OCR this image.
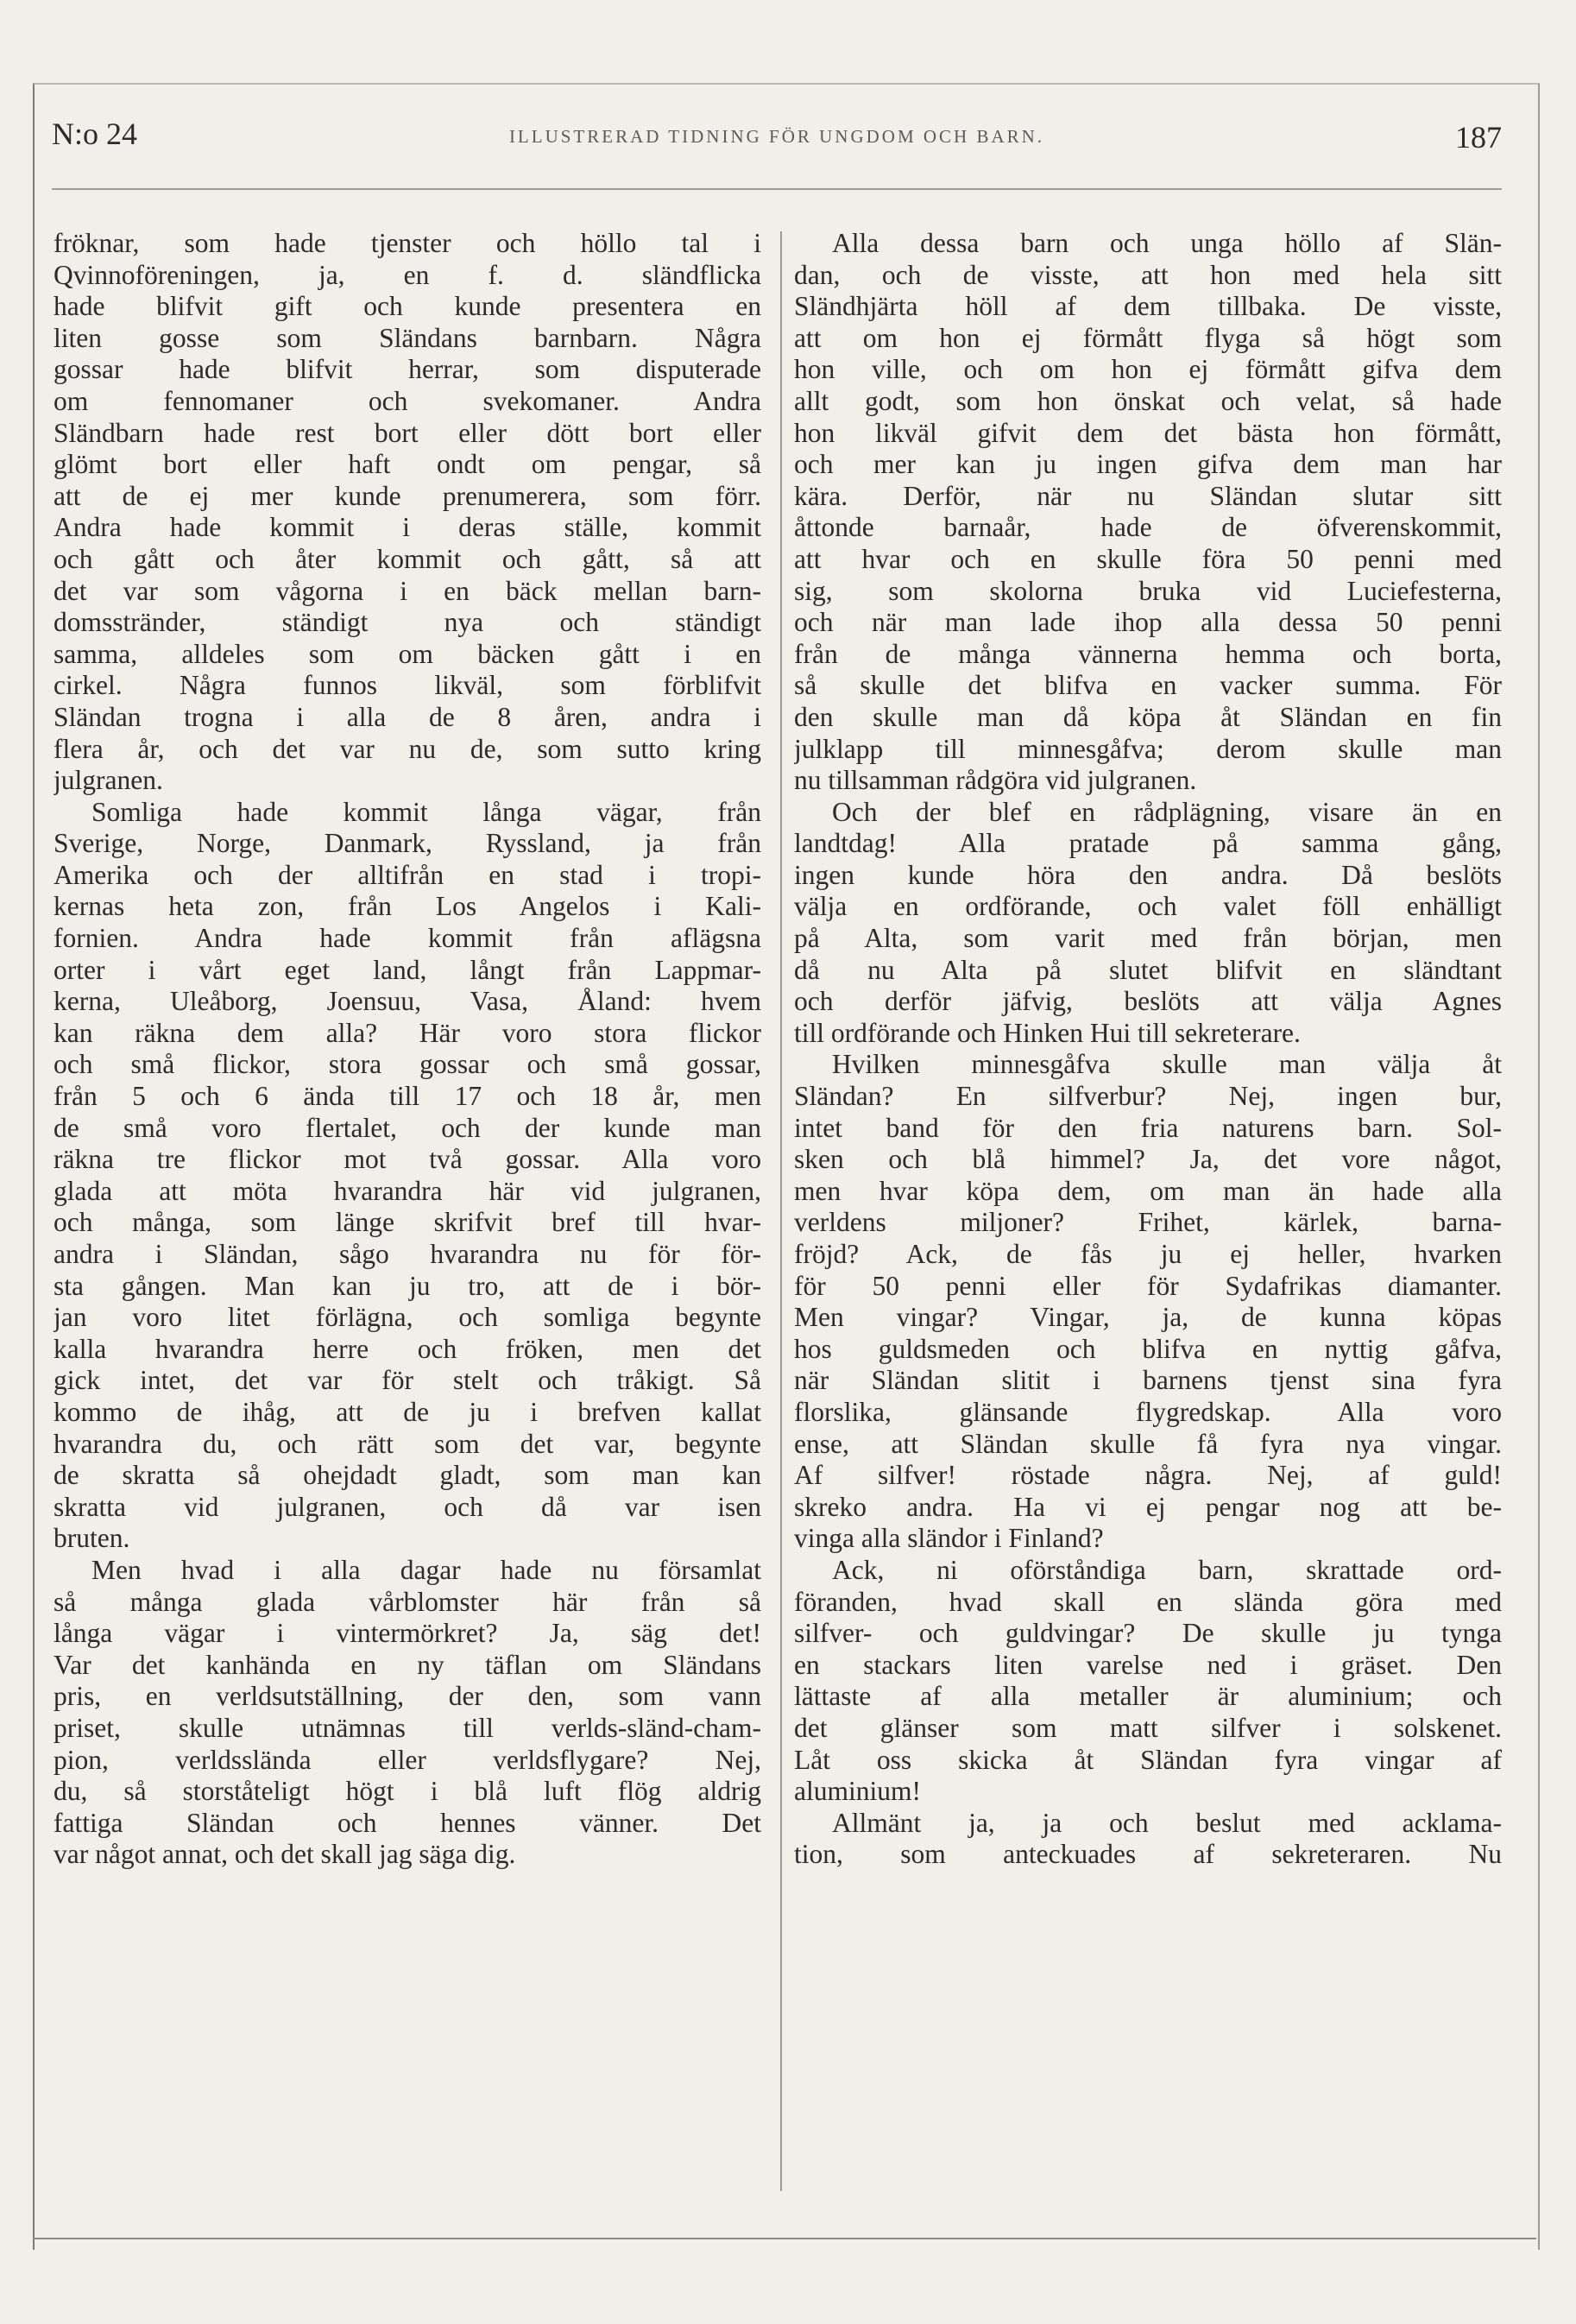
N:o 24	ILLUSTRERAD TIDNING FÖR UNGDOM OCH BARN.	187
fröknar, som hade tjenster och höllo tal i
Qvinnoföreningen, ja, en f. d. sländflicka
hade blifvit gift och kunde presentera en
liten gosse som Sländans barnbarn. Några
gossar hade blifvit herrar, som disputerade
om fennomaner och svekomaner. Andra
Sländbarn hade rest bort eller dött bort eller
glömt bort eller haft ondt om pengar, så
att de ej mer kunde prenumerera, som förr.
Andra hade kommit i deras ställe, kommit
och gått och åter kommit och gått, så att
det var som vågorna i en bäck mellan barn-
domsstränder, ständigt nya och ständigt
samma, alldeles som om bäcken gått i en
cirkel. Några funnos likväl, som förblifvit
Sländan trogna i alla de 8 åren, andra i
flera år, och det var nu de, som sutto kring
julgranen.
Somliga hade kommit långa vägar, från
Sverige, Norge, Danmark, Ryssland, ja från
Amerika och der alltifrån en stad i tropi-
kernas heta zon, från Los Angelos i Kali-
fornien. Andra hade kommit från aflägsna
orter i vårt eget land, långt från Lappmar-
kerna, Uleåborg, Joensuu, Vasa, Åland: hvem
kan räkna dem alla? Här voro stora flickor
och små flickor, stora gossar och små gossar,
från 5 och 6 ända till 17 och 18 år, men
de små voro flertalet, och der kunde man
räkna tre flickor mot två gossar. Alla voro
glada att möta hvarandra här vid julgranen,
och många, som länge skrifvit bref till hvar-
andra i Sländan, sågo hvarandra nu för för-
sta gången. Man kan ju tro, att de i bör-
jan voro litet förlägna, och somliga begynte
kalla hvarandra herre och fröken, men det
gick intet, det var för stelt och tråkigt. Så
kommo de ihåg, att de ju i brefven kallat
hvarandra du, och rätt som det var, begynte
de skratta så ohejdadt gladt, som man kan
skratta vid julgranen, och då var isen
bruten.
Men hvad i alla dagar hade nu församlat
så många glada vårblomster här från så
långa vägar i vintermörkret? Ja, säg det!
Var det kanhända en ny täflan om Sländans
pris, en verldsutställning, der den, som vann
priset, skulle utnämnas till verlds-sländ-cham-
pion, verldsslända eller verldsflygare? Nej,
du, så storståteligt högt i blå luft flög aldrig
fattiga Sländan och hennes vänner. Det
var något annat, och det skall jag säga dig.
Alla dessa barn och unga höllo af Slän-
dan, och de visste, att hon med hela sitt
Sländhjärta höll af dem tillbaka. De visste,
att om hon ej förmått flyga så högt som
hon ville, och om hon ej förmått gifva dem
allt godt, som hon önskat och velat, så hade
hon likväl gifvit dem det bästa hon förmått,
och mer kan ju ingen gifva dem man har
kära. Derför, när nu Sländan slutar sitt
åttonde barnaår, hade de öfverenskommit,
att hvar och en skulle föra 50 penni med
sig, som skolorna bruka vid Luciefesterna,
och när man lade ihop alla dessa 50 penni
från de många vännerna hemma och borta,
så skulle det blifva en vacker summa. För
den skulle man då köpa åt Sländan en fin
julklapp till minnesgåfva; derom skulle man
nu tillsamman rådgöra vid julgranen.
Och der blef en rådplägning, visare än en
landtdag! Alla pratade på samma gång,
ingen kunde höra den andra. Då beslöts
välja en ordförande, och valet föll enhälligt
på Alta, som varit med från början, men
då nu Alta på slutet blifvit en sländtant
och derför jäfvig, beslöts att välja Agnes
till ordförande och Hinken Hui till sekreterare.
Hvilken minnesgåfva skulle man välja åt
Sländan? En silfverbur? Nej, ingen bur,
intet band för den fria naturens barn. Sol-
sken och blå himmel? Ja, det vore något,
men hvar köpa dem, om man än hade alla
verldens miljoner? Frihet, kärlek, barna-
fröjd? Ack, de fås ju ej heller, hvarken
för 50 penni eller för Sydafrikas diamanter.
Men vingar? Vingar, ja, de kunna köpas
hos guldsmeden och blifva en nyttig gåfva,
när Sländan slitit i barnens tjenst sina fyra
florslika, glänsande flygredskap. Alla voro
ense, att Sländan skulle få fyra nya vingar.
Af silfver! röstade några. Nej, af guld!
skreko andra. Ha vi ej pengar nog att be-
vinga alla sländor i Finland?
Ack, ni oförståndiga barn, skrattade ord-
föranden, hvad skall en slända göra med
silfver- och guldvingar? De skulle ju tynga
en stackars liten varelse ned i gräset. Den
lättaste af alla metaller är aluminium; och
det glänser som matt silfver i solskenet.
Låt oss skicka åt Sländan fyra vingar af
aluminium!
Allmänt ja, ja och beslut med acklama-
tion, som anteckuades af sekreteraren. Nu
